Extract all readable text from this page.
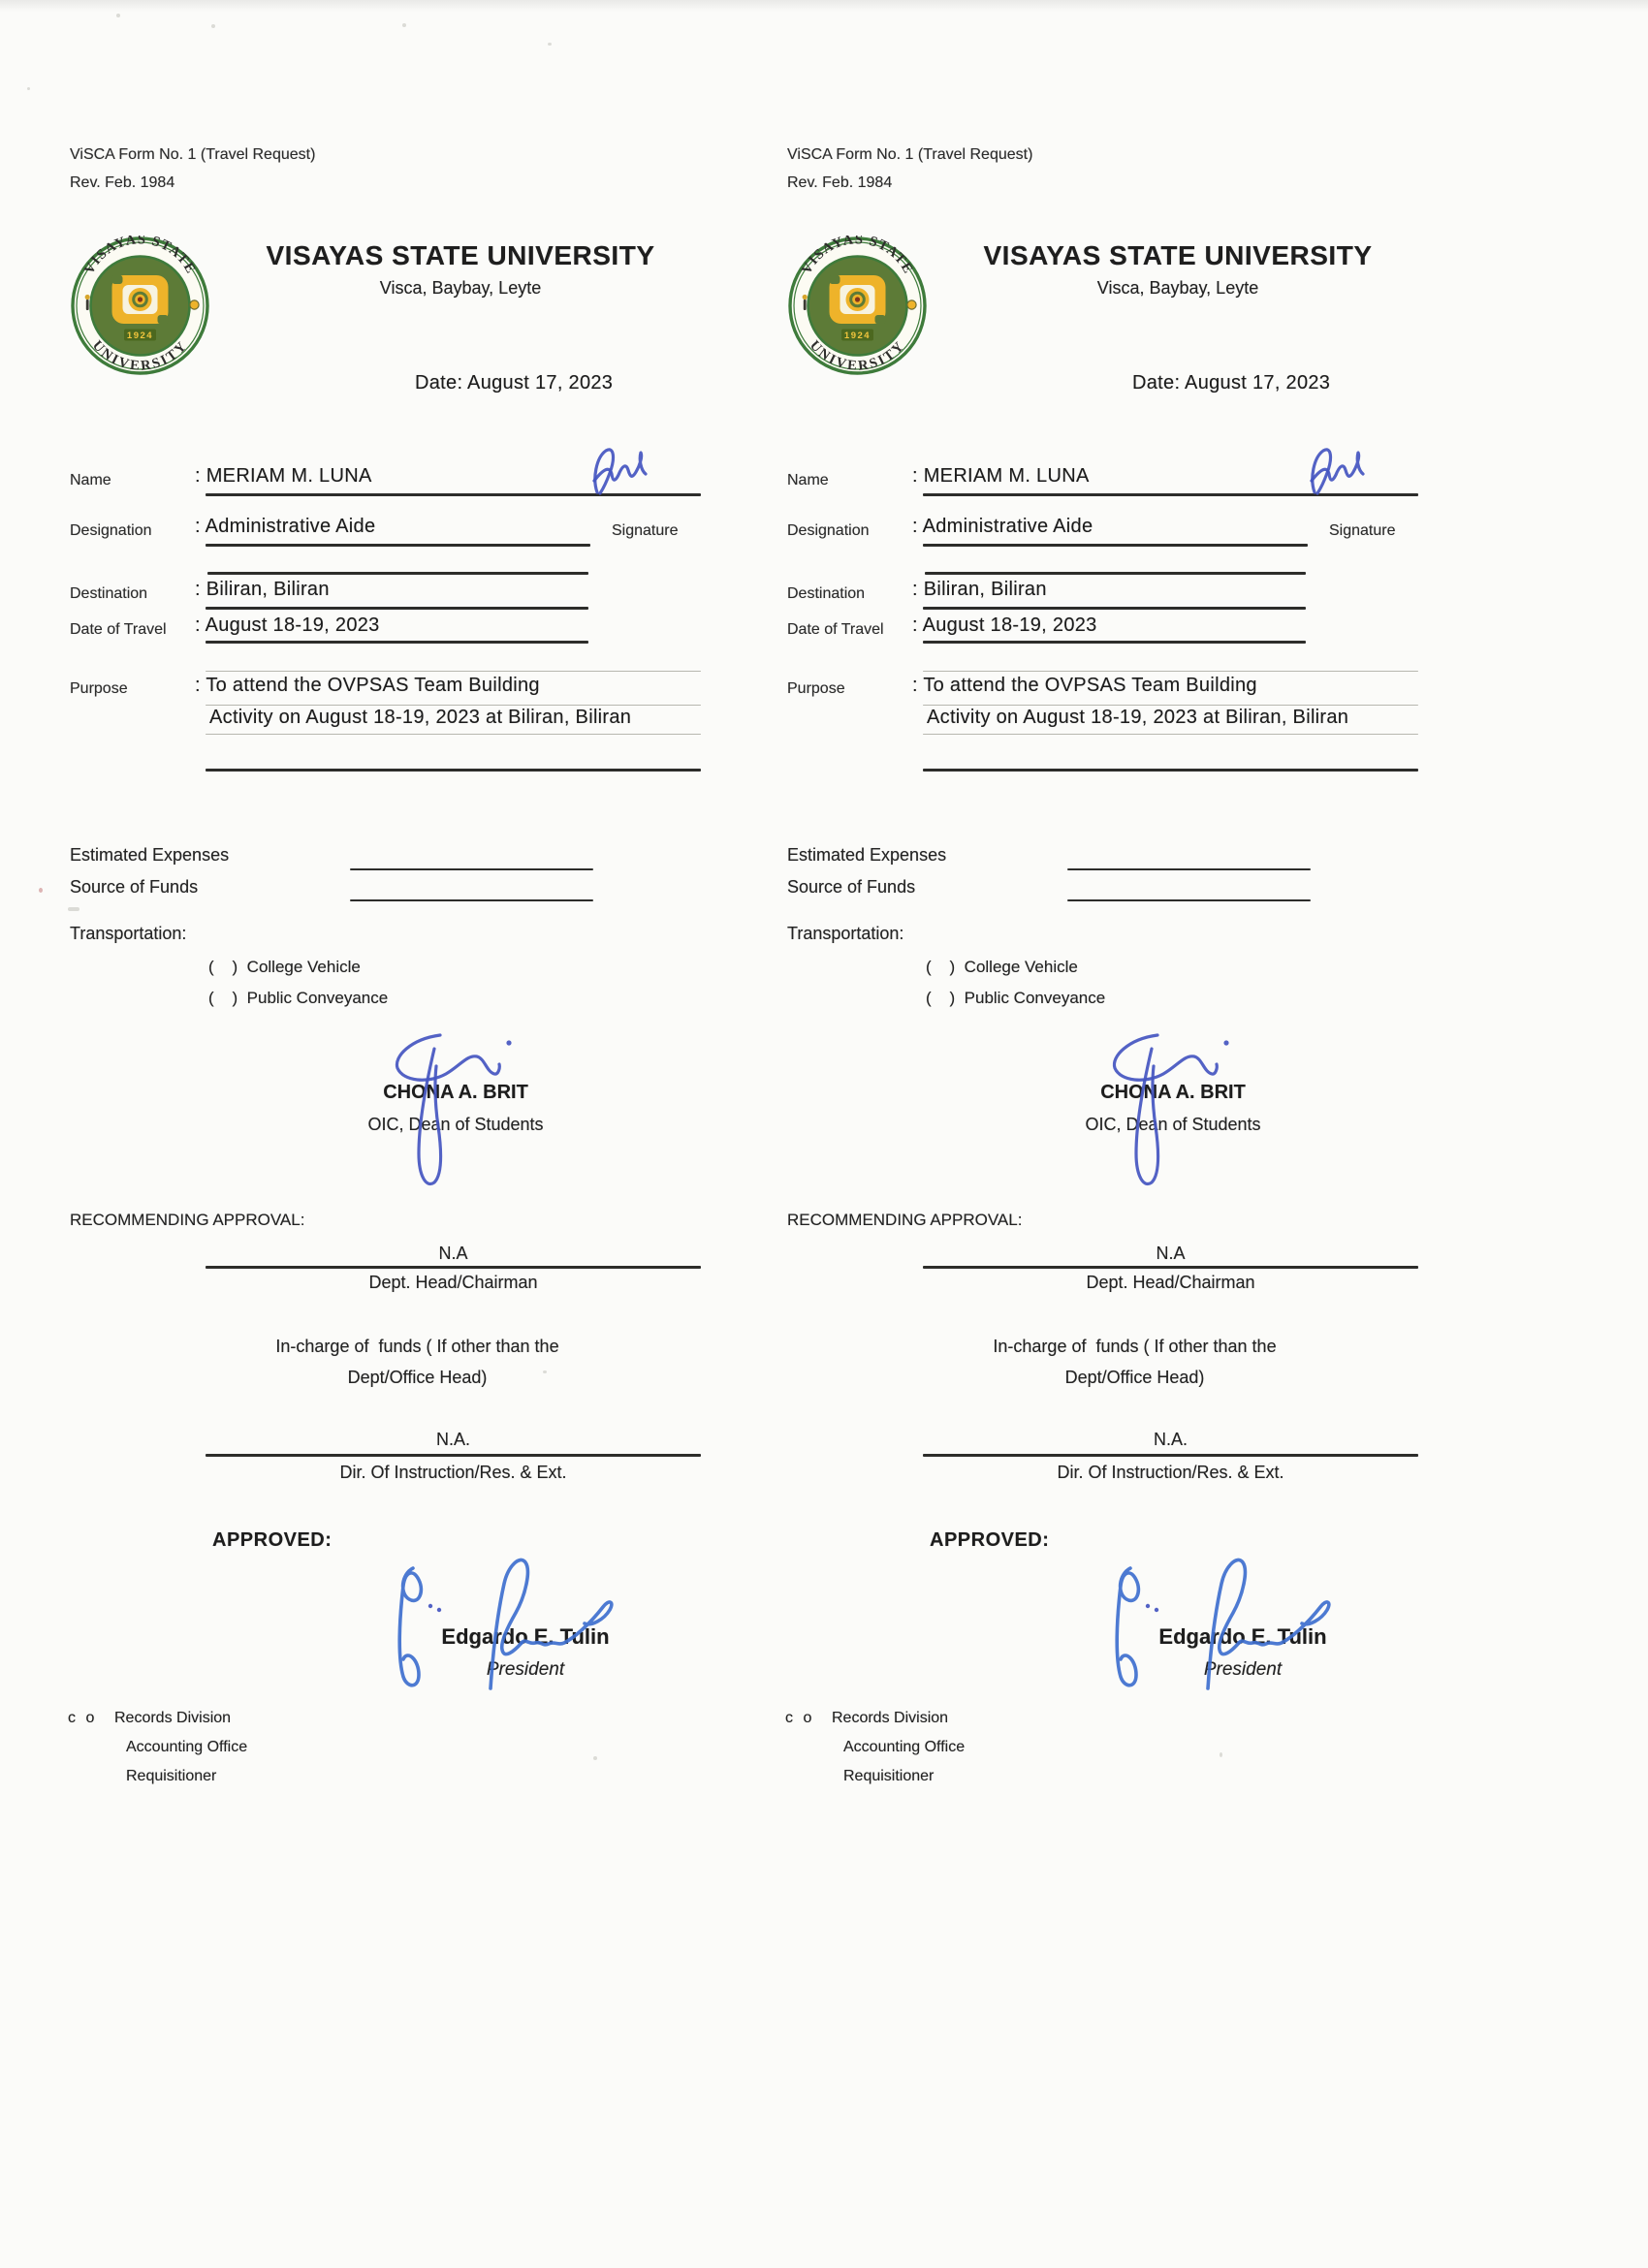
ViSCA Form No. 1 (Travel Request)
Rev. Feb. 1984
VISAYAS STATE UNIVERSITY
Visca, Baybay, Leyte
Date: August 17, 2023
Name	: MERIAM M. LUNA
Designation : Administrative Aide	Signature
Destination : Biliran, Biliran
Date of Travel : August 18-19, 2023
Purpose	: To attend the OVPSAS Team Building
Activity on August 18-19, 2023 at Biliran, Biliran
Estimated Expenses
Source of Funds
Transportation:
(    )  College Vehicle
(    )  Public Conveyance
CHONA A. BRIT
OIC, Dean of Students
RECOMMENDING APPROVAL:
N.A
Dept. Head/Chairman
In-charge of  funds ( If other than the
Dept/Office Head)
N.A.
Dir. Of Instruction/Res. & Ext.
APPROVED:
Edgardo E. Tulin
President
c o Records Division
Accounting Office
Requisitioner
ViSCA Form No. 1 (Travel Request)
Rev. Feb. 1984
VISAYAS STATE UNIVERSITY
Visca, Baybay, Leyte
Date: August 17, 2023
Name	: MERIAM M. LUNA
Designation : Administrative Aide	Signature
Destination : Biliran, Biliran
Date of Travel : August 18-19, 2023
Purpose	: To attend the OVPSAS Team Building
Activity on August 18-19, 2023 at Biliran, Biliran
Estimated Expenses
Source of Funds
Transportation:
(    )  College Vehicle
(    )  Public Conveyance
CHONA A. BRIT
OIC, Dean of Students
RECOMMENDING APPROVAL:
N.A
Dept. Head/Chairman
In-charge of  funds ( If other than the
Dept/Office Head)
N.A.
Dir. Of Instruction/Res. & Ext.
APPROVED:
Edgardo E. Tulin
President
c o Records Division
Accounting Office
Requisitioner
